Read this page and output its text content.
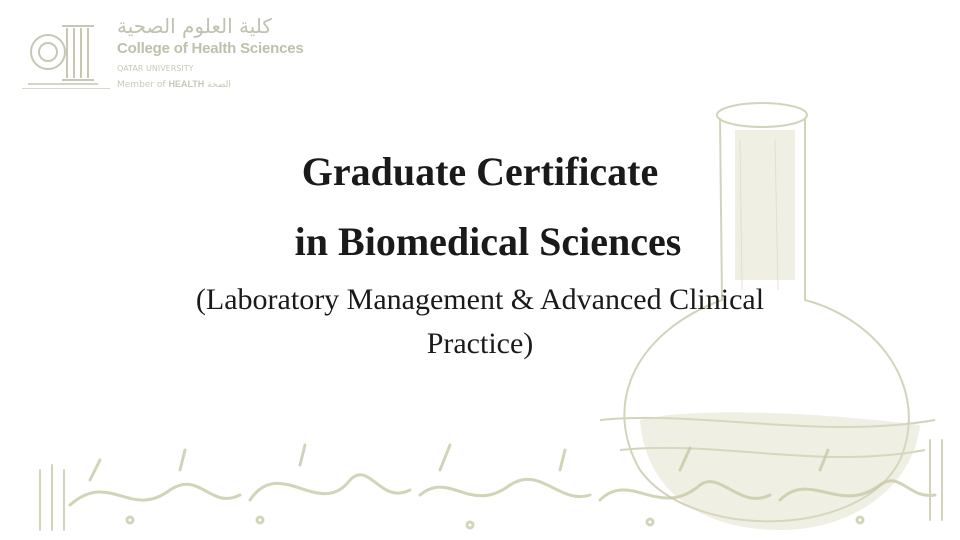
كلية العلوم الصحية
College of Health Sciences
QATAR UNIVERSITY
Member of HEALTH الصحة
Graduate Certificate
in Biomedical Sciences
(Laboratory Management & Advanced Clinical
Practice)
